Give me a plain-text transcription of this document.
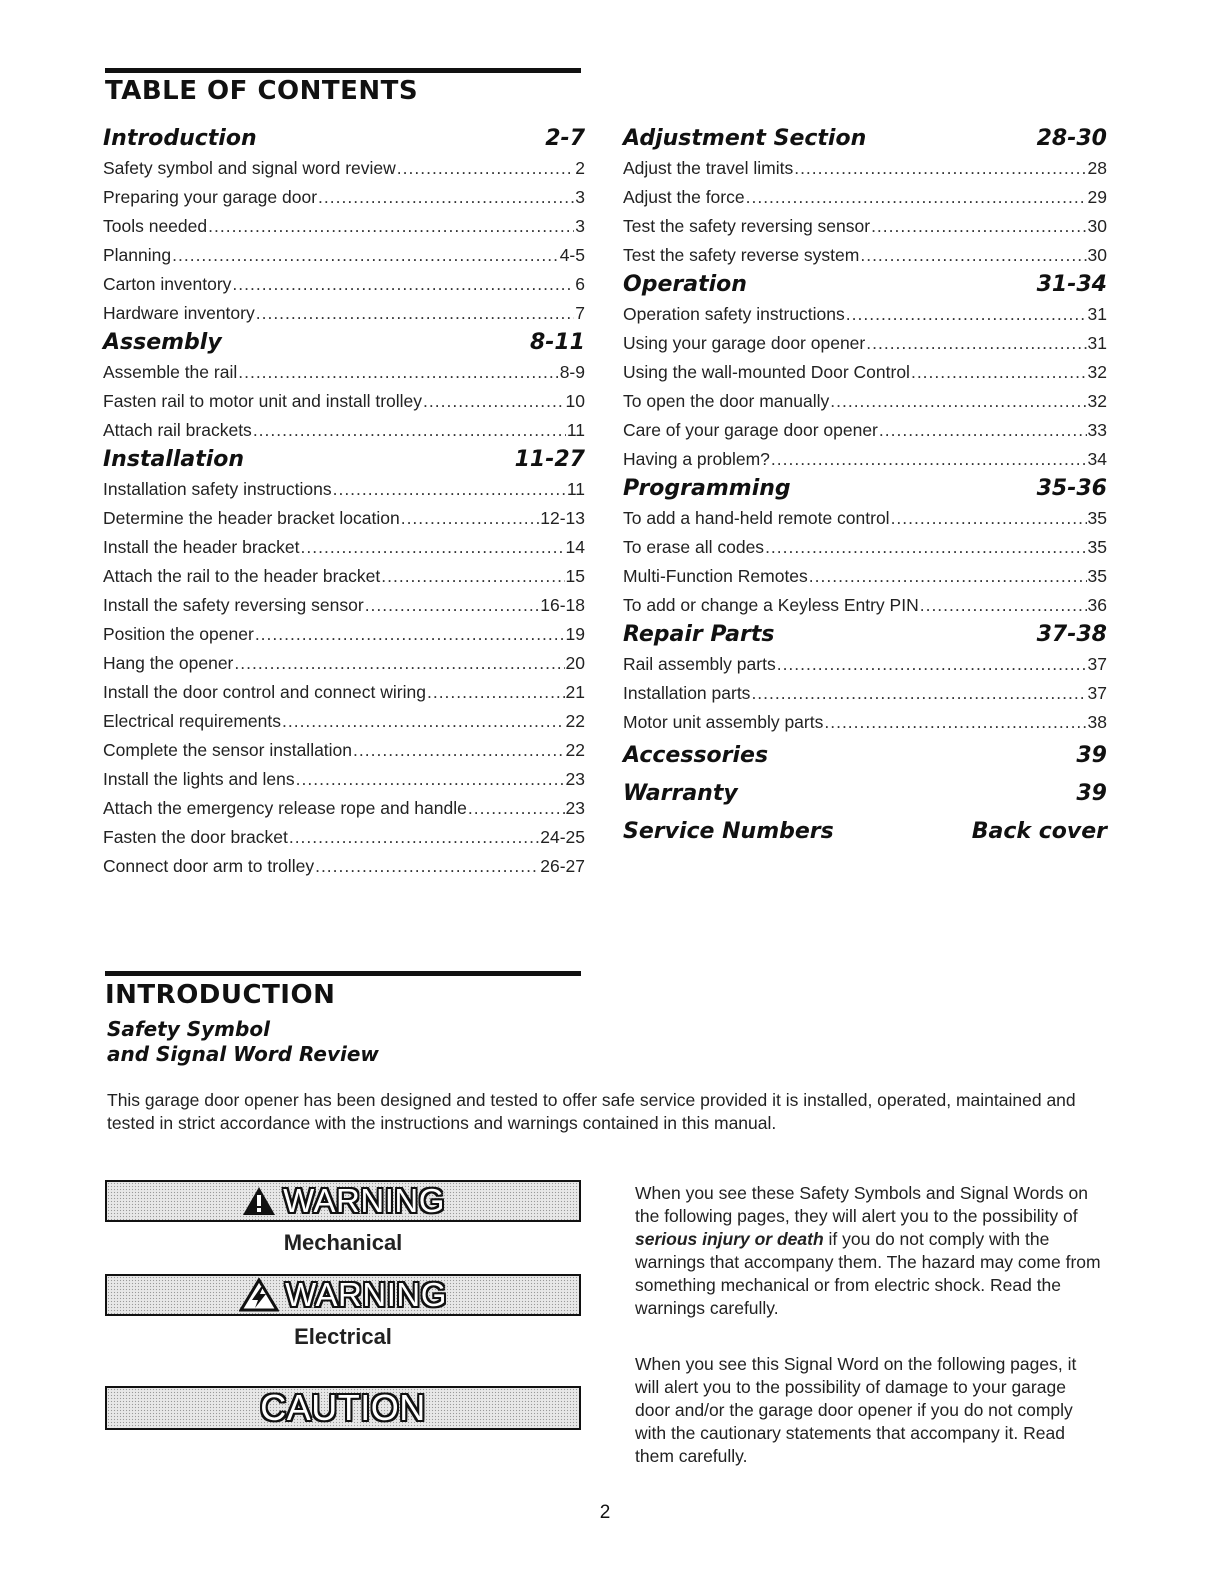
TABLE OF CONTENTS
Introduction	2-7
Safety symbol and signal word review .....	2
Preparing your garage door .....	3
Tools needed .....	3
Planning .....	4-5
Carton inventory .....	6
Hardware inventory .....	7
Assembly	8-11
Assemble the rail .....	8-9
Fasten rail to motor unit and install trolley .....	10
Attach rail brackets .....	11
Installation	11-27
Installation safety instructions .....	11
Determine the header bracket location .....	12-13
Install the header bracket .....	14
Attach the rail to the header bracket .....	15
Install the safety reversing sensor .....	16-18
Position the opener .....	19
Hang the opener .....	20
Install the door control and connect wiring .....	21
Electrical requirements .....	22
Complete the sensor installation .....	22
Install the lights and lens .....	23
Attach the emergency release rope and handle .....	23
Fasten the door bracket .....	24-25
Connect door arm to trolley .....	26-27
Adjustment Section	28-30
Adjust the travel limits .....	28
Adjust the force .....	29
Test the safety reversing sensor .....	30
Test the safety reverse system .....	30
Operation	31-34
Operation safety instructions .....	31
Using your garage door opener .....	31
Using the wall-mounted Door Control .....	32
To open the door manually .....	32
Care of your garage door opener .....	33
Having a problem? .....	34
Programming	35-36
To add a hand-held remote control .....	35
To erase all codes .....	35
Multi-Function Remotes .....	35
To add or change a Keyless Entry PIN .....	36
Repair Parts	37-38
Rail assembly parts .....	37
Installation parts .....	37
Motor unit assembly parts .....	38
Accessories	39
Warranty	39
Service Numbers	Back cover
INTRODUCTION
Safety Symbol
and Signal Word Review
This garage door opener has been designed and tested to offer safe service provided it is installed, operated, maintained and tested in strict accordance with the instructions and warnings contained in this manual.
WARNING
Mechanical
WARNING
Electrical
CAUTION
When you see these Safety Symbols and Signal Words on the following pages, they will alert you to the possibility of serious injury or death if you do not comply with the warnings that accompany them. The hazard may come from something mechanical or from electric shock. Read the warnings carefully.
When you see this Signal Word on the following pages, it will alert you to the possibility of damage to your garage door and/or the garage door opener if you do not comply with the cautionary statements that accompany it. Read them carefully.
2
